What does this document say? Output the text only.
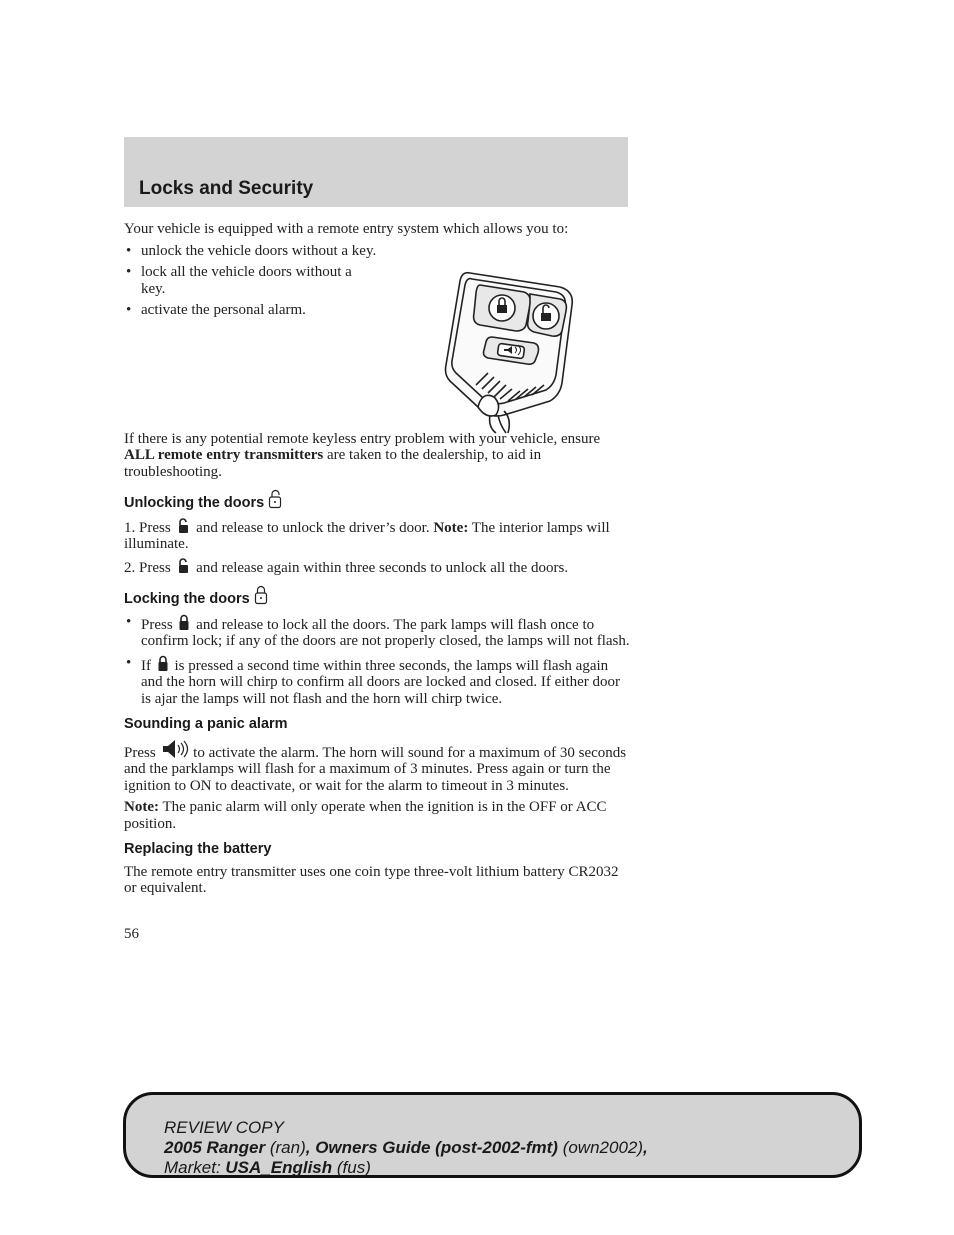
Locks and Security

Your vehicle is equipped with a remote entry system which allows you to:

• unlock the vehicle doors without a key.
• lock all the vehicle doors without a key.
• activate the personal alarm.

If there is any potential remote keyless entry problem with your vehicle, ensure ALL remote entry transmitters are taken to the dealership, to aid in troubleshooting.

Unlocking the doors

1. Press  and release to unlock the driver’s door. Note: The interior lamps will illuminate.

2. Press  and release again within three seconds to unlock all the doors.

Locking the doors
• Press  and release to lock all the doors. The park lamps will flash once to confirm lock; if any of the doors are not properly closed, the lamps will not flash.
• If  is pressed a second time within three seconds, the lamps will flash again and the horn will chirp to confirm all doors are locked and closed. If either door is ajar the lamps will not flash and the horn will chirp twice.
Sounding a panic alarm

Press  to activate the alarm. The horn will sound for a maximum of 30 seconds and the parklamps will flash for a maximum of 3 minutes. Press again or turn the ignition to ON to deactivate, or wait for the alarm to timeout in 3 minutes.

Note: The panic alarm will only operate when the ignition is in the OFF or ACC position.

Replacing the battery

The remote entry transmitter uses one coin type three-volt lithium battery CR2032 or equivalent.

56
REVIEW COPY
2005 Ranger (ran), Owners Guide (post-2002-fmt) (own2002),
Market: USA_English (fus)
